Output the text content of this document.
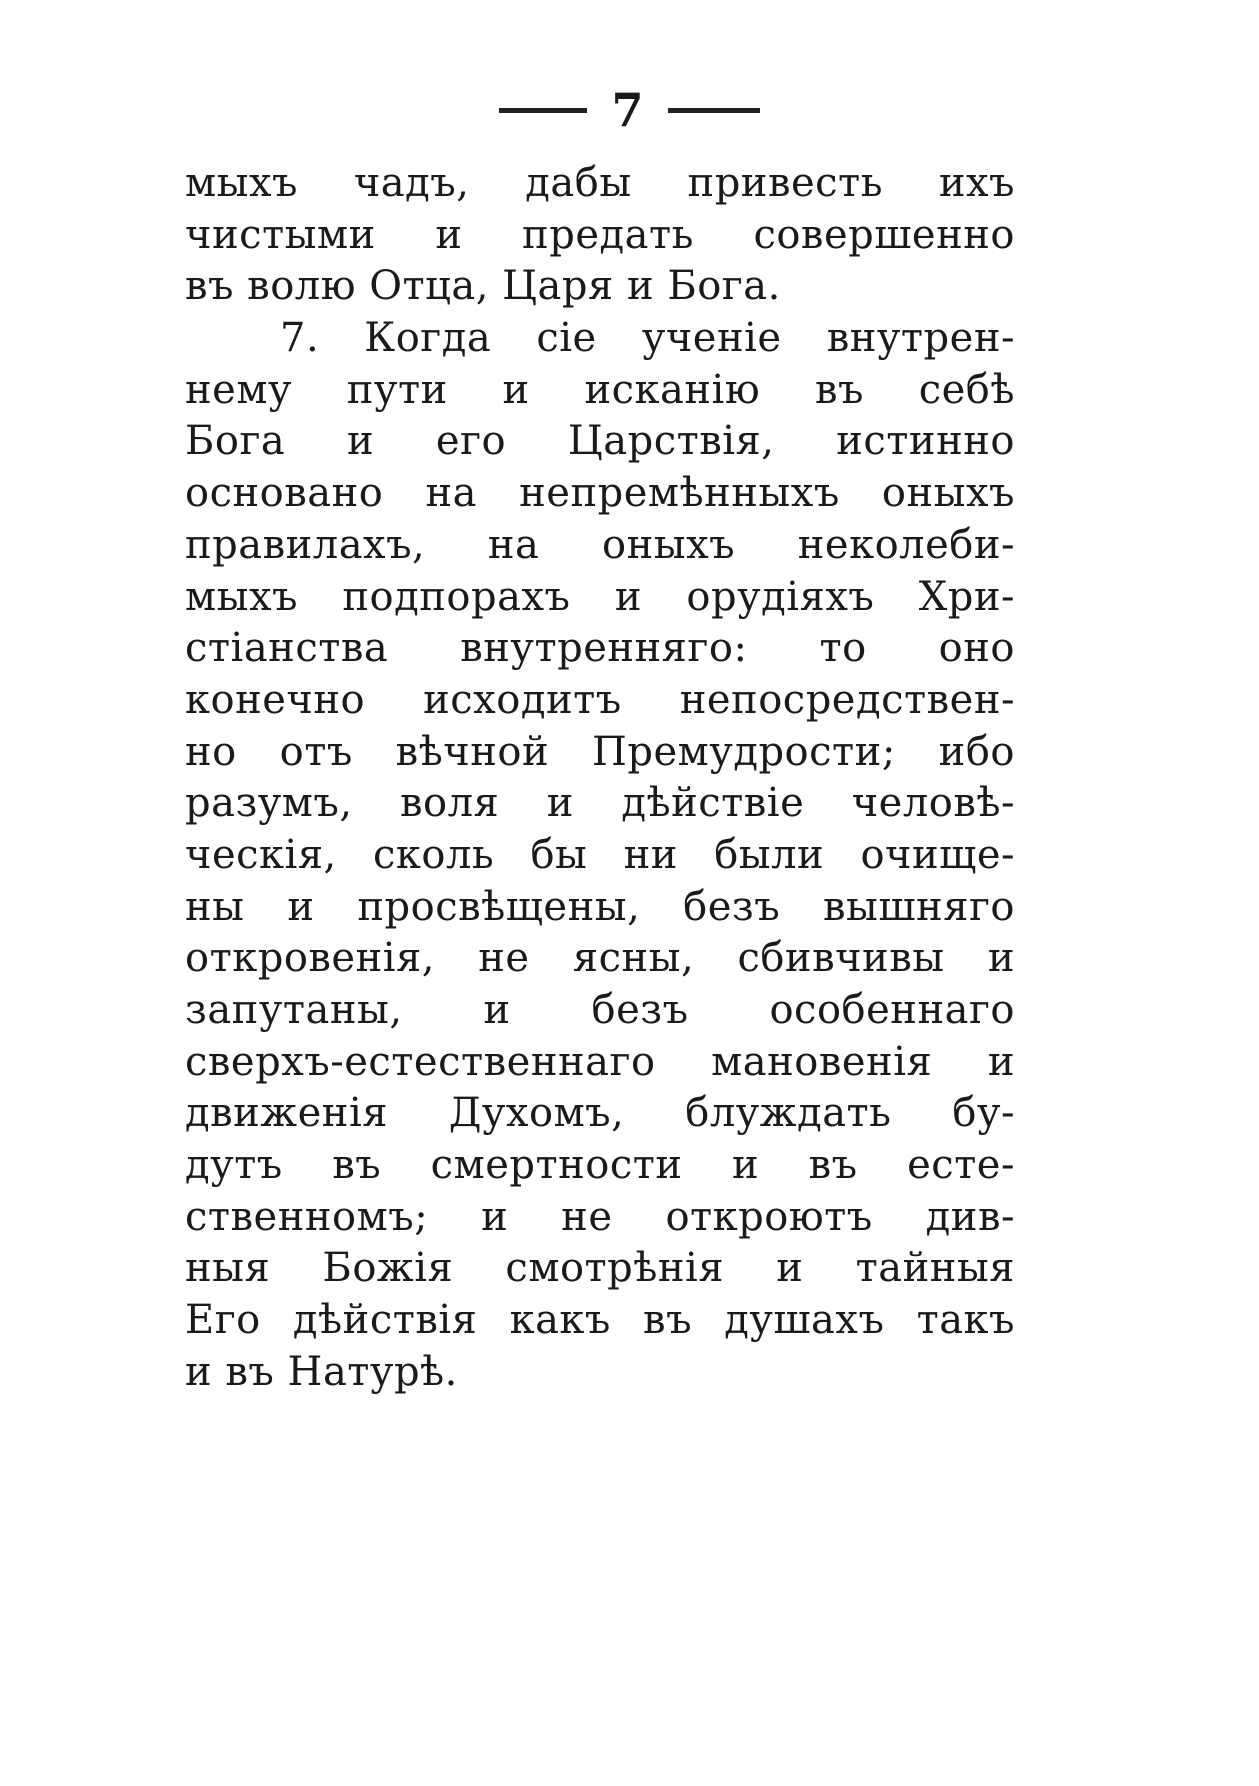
7
мыхъ чадъ, дабы привесть ихъ
чистыми и предать совершенно
въ волю Отца, Царя и Бога.
7. Когда сіе ученіе внутрен-
нему пути и исканію въ себѣ
Бога и его Царствія, истинно
основано на непремѣнныхъ оныхъ
правилахъ, на оныхъ неколеби-
мыхъ подпорахъ и орудіяхъ Хри-
стіанства внутренняго: то оно
конечно исходитъ непосредствен-
но отъ вѣчной Премудрости; ибо
разумъ, воля и дѣйствіе человѣ-
ческія, сколь бы ни были очище-
ны и просвѣщены, безъ вышняго
откровенія, не ясны, сбивчивы и
запутаны, и безъ особеннаго
сверхъ-естественнаго мановенія и
движенія Духомъ, блуждать бу-
дутъ въ смертности и въ есте-
ственномъ; и не откроютъ див-
ныя Божія смотрѣнія и тайныя
Его дѣйствія какъ въ душахъ такъ
и въ Натурѣ.
